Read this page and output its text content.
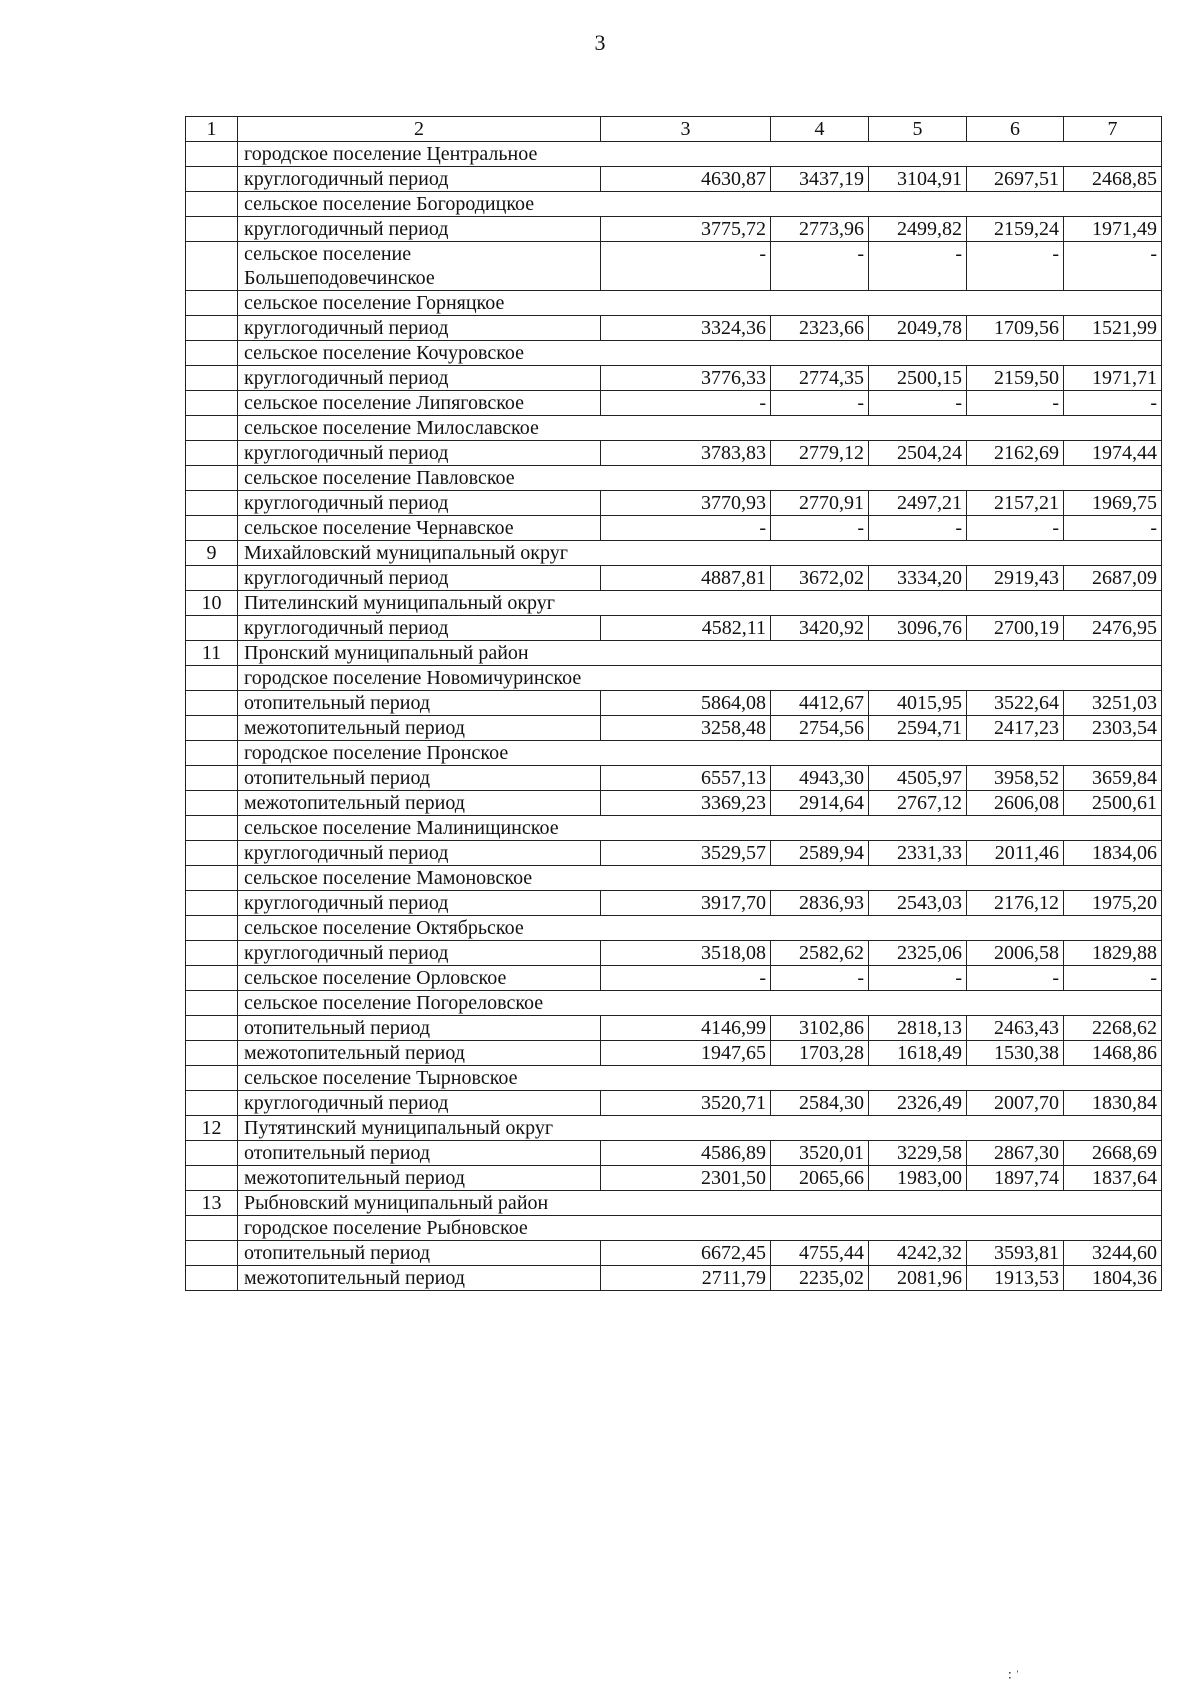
3
1	2	3	4	5	6	7
	городское поселение Центральное					
	круглогодичный период	4630,87	3437,19	3104,91	2697,51	2468,85
	сельское поселение Богородицкое					
	круглогодичный период	3775,72	2773,96	2499,82	2159,24	1971,49
	сельское поселение Большеподовечинское	-	-	-	-	-
	сельское поселение Горняцкое					
	круглогодичный период	3324,36	2323,66	2049,78	1709,56	1521,99
	сельское поселение Кочуровское					
	круглогодичный период	3776,33	2774,35	2500,15	2159,50	1971,71
	сельское поселение Липяговское	-	-	-	-	-
	сельское поселение Милославское					
	круглогодичный период	3783,83	2779,12	2504,24	2162,69	1974,44
	сельское поселение Павловское					
	круглогодичный период	3770,93	2770,91	2497,21	2157,21	1969,75
	сельское поселение Чернавское	-	-	-	-	-
9	Михайловский муниципальный округ					
	круглогодичный период	4887,81	3672,02	3334,20	2919,43	2687,09
10	Пителинский муниципальный округ					
	круглогодичный период	4582,11	3420,92	3096,76	2700,19	2476,95
11	Пронский муниципальный район					
	городское поселение Новомичуринское					
	отопительный период	5864,08	4412,67	4015,95	3522,64	3251,03
	межотопительный период	3258,48	2754,56	2594,71	2417,23	2303,54
	городское поселение Пронское					
	отопительный период	6557,13	4943,30	4505,97	3958,52	3659,84
	межотопительный период	3369,23	2914,64	2767,12	2606,08	2500,61
	сельское поселение Малинищинское					
	круглогодичный период	3529,57	2589,94	2331,33	2011,46	1834,06
	сельское поселение Мамоновское					
	круглогодичный период	3917,70	2836,93	2543,03	2176,12	1975,20
	сельское поселение Октябрьское					
	круглогодичный период	3518,08	2582,62	2325,06	2006,58	1829,88
	сельское поселение Орловское	-	-	-	-	-
	сельское поселение Погореловское					
	отопительный период	4146,99	3102,86	2818,13	2463,43	2268,62
	межотопительный период	1947,65	1703,28	1618,49	1530,38	1468,86
	сельское поселение Тырновское					
	круглогодичный период	3520,71	2584,30	2326,49	2007,70	1830,84
12	Путятинский муниципальный округ					
	отопительный период	4586,89	3520,01	3229,58	2867,30	2668,69
	межотопительный период	2301,50	2065,66	1983,00	1897,74	1837,64
13	Рыбновский муниципальный район					
	городское поселение Рыбновское					
	отопительный период	6672,45	4755,44	4242,32	3593,81	3244,60
	межотопительный период	2711,79	2235,02	2081,96	1913,53	1804,36
∶ ˈ
